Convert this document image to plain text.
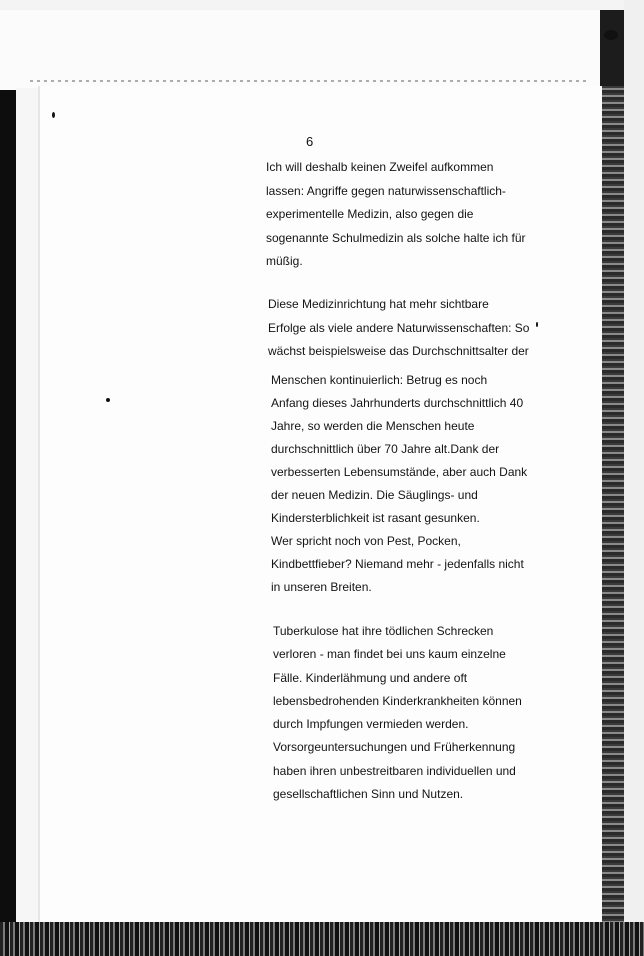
6
Ich will deshalb keinen Zweifel aufkommen
lassen: Angriffe gegen naturwissenschaftlich-
experimentelle Medizin, also gegen die
sogenannte Schulmedizin als solche halte ich für
müßig.
Diese Medizinrichtung hat mehr sichtbare
Erfolge als viele andere Naturwissenschaften: So
wächst beispielsweise das Durchschnittsalter der
Menschen kontinuierlich: Betrug es noch
Anfang dieses Jahrhunderts durchschnittlich 40
Jahre, so werden die Menschen heute
durchschnittlich über 70 Jahre alt.Dank der
verbesserten Lebensumstände, aber auch Dank
der neuen Medizin. Die Säuglings- und
Kindersterblichkeit ist rasant gesunken.
Wer spricht noch von Pest, Pocken,
Kindbettfieber? Niemand mehr - jedenfalls nicht
in unseren Breiten.
Tuberkulose hat ihre tödlichen Schrecken
verloren - man findet bei uns kaum einzelne
Fälle. Kinderlähmung und andere oft
lebensbedrohenden Kinderkrankheiten können
durch Impfungen vermieden werden.
Vorsorgeuntersuchungen und Früherkennung
haben ihren unbestreitbaren individuellen und
gesellschaftlichen Sinn und Nutzen.
